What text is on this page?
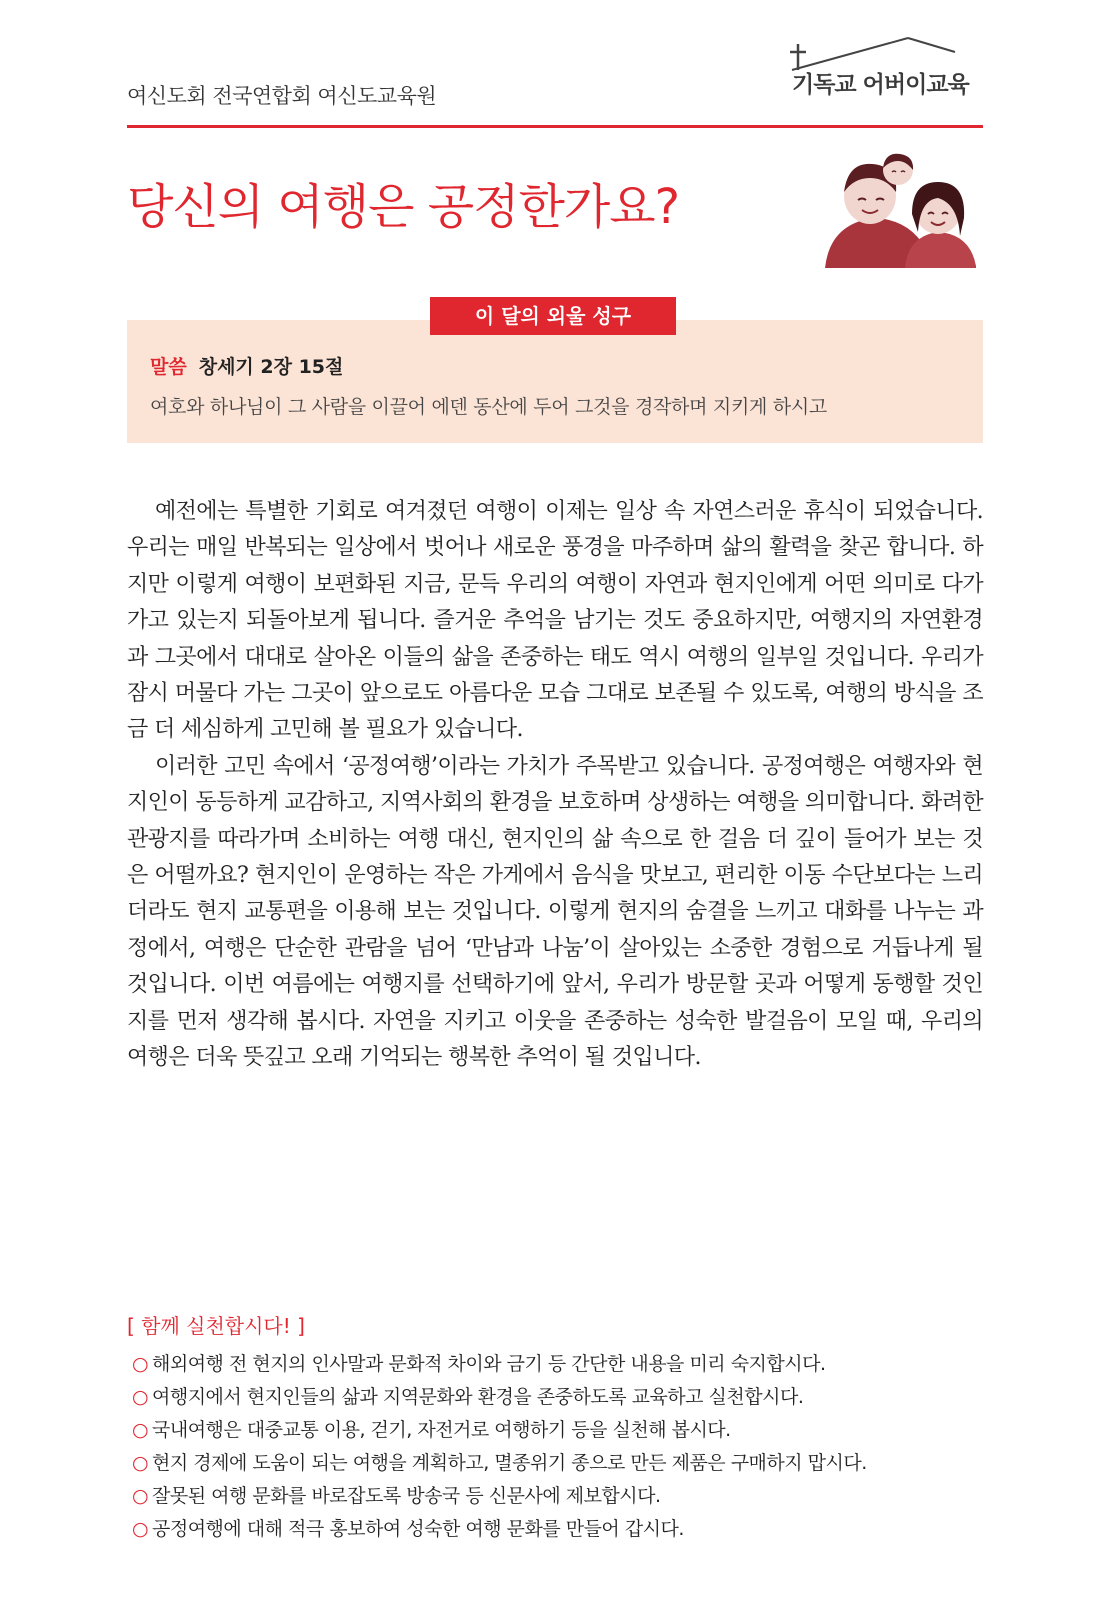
여신도회 전국연합회 여신도교육원	기독교 어버이교육
당신의 여행은 공정한가요?
이 달의 외울 성구
말씀 창세기 2장 15절
여호와 하나님이 그 사람을 이끌어 에덴 동산에 두어 그것을 경작하며 지키게 하시고

예전에는 특별한 기회로 여겨졌던 여행이 이제는 일상 속 자연스러운 휴식이 되었습니다. 우리는 매일 반복되는 일상에서 벗어나 새로운 풍경을 마주하며 삶의 활력을 찾곤 합니다. 하지만 이렇게 여행이 보편화된 지금, 문득 우리의 여행이 자연과 현지인에게 어떤 의미로 다가가고 있는지 되돌아보게 됩니다. 즐거운 추억을 남기는 것도 중요하지만, 여행지의 자연환경과 그곳에서 대대로 살아온 이들의 삶을 존중하는 태도 역시 여행의 일부일 것입니다. 우리가 잠시 머물다 가는 그곳이 앞으로도 아름다운 모습 그대로 보존될 수 있도록, 여행의 방식을 조금 더 세심하게 고민해 볼 필요가 있습니다.

이러한 고민 속에서 ‘공정여행’이라는 가치가 주목받고 있습니다. 공정여행은 여행자와 현지인이 동등하게 교감하고, 지역사회의 환경을 보호하며 상생하는 여행을 의미합니다. 화려한 관광지를 따라가며 소비하는 여행 대신, 현지인의 삶 속으로 한 걸음 더 깊이 들어가 보는 것은 어떨까요? 현지인이 운영하는 작은 가게에서 음식을 맛보고, 편리한 이동 수단보다는 느리더라도 현지 교통편을 이용해 보는 것입니다. 이렇게 현지의 숨결을 느끼고 대화를 나누는 과정에서, 여행은 단순한 관람을 넘어 ‘만남과 나눔’이 살아있는 소중한 경험으로 거듭나게 될 것입니다. 이번 여름에는 여행지를 선택하기에 앞서, 우리가 방문할 곳과 어떻게 동행할 것인지를 먼저 생각해 봅시다. 자연을 지키고 이웃을 존중하는 성숙한 발걸음이 모일 때, 우리의 여행은 더욱 뜻깊고 오래 기억되는 행복한 추억이 될 것입니다.

[ 함께 실천합시다! ]
○ 해외여행 전 현지의 인사말과 문화적 차이와 금기 등 간단한 내용을 미리 숙지합시다.
○ 여행지에서 현지인들의 삶과 지역문화와 환경을 존중하도록 교육하고 실천합시다.
○ 국내여행은 대중교통 이용, 걷기, 자전거로 여행하기 등을 실천해 봅시다.
○ 현지 경제에 도움이 되는 여행을 계획하고, 멸종위기 종으로 만든 제품은 구매하지 맙시다.
○ 잘못된 여행 문화를 바로잡도록 방송국 등 신문사에 제보합시다.
○ 공정여행에 대해 적극 홍보하여 성숙한 여행 문화를 만들어 갑시다.
